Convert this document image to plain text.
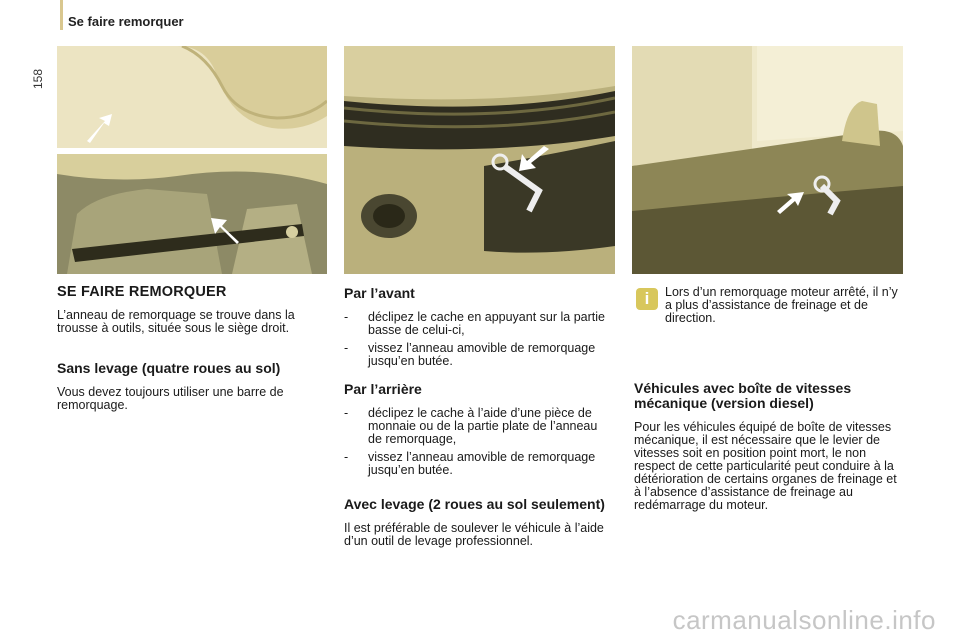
Se faire remorquer
158
SE FAIRE REMORQUER

L’anneau de remorquage se trouve dans la trousse à outils, située sous le siège droit.

Sans levage (quatre roues au sol)

Vous devez toujours utiliser une barre de remorquage.

Par l’avant

- déclipez le cache en appuyant sur la partie basse de celui-ci,

- vissez l’anneau amovible de remorquage jusqu’en butée.

Par l’arrière

- déclipez le cache à l’aide d’une pièce de monnaie ou de la partie plate de l’anneau de remorquage,

- vissez l’anneau amovible de remorquage jusqu’en butée.

Avec levage (2 roues au sol seulement)

Il est préférable de soulever le véhicule à l’aide d’un outil de levage professionnel.

i	Lors d’un remorquage moteur arrêté, il n’y a plus d’assistance de freinage et de direction.
Véhicules avec boîte de vitesses mécanique (version diesel)

Pour les véhicules équipé de boîte de vitesses mécanique, il est nécessaire que le levier de vitesses soit en position point mort, le non respect de cette particularité peut conduire à la détérioration de certains organes de freinage et à l’absence d’assistance de freinage au redémarrage du moteur.

carmanualsonline.info
